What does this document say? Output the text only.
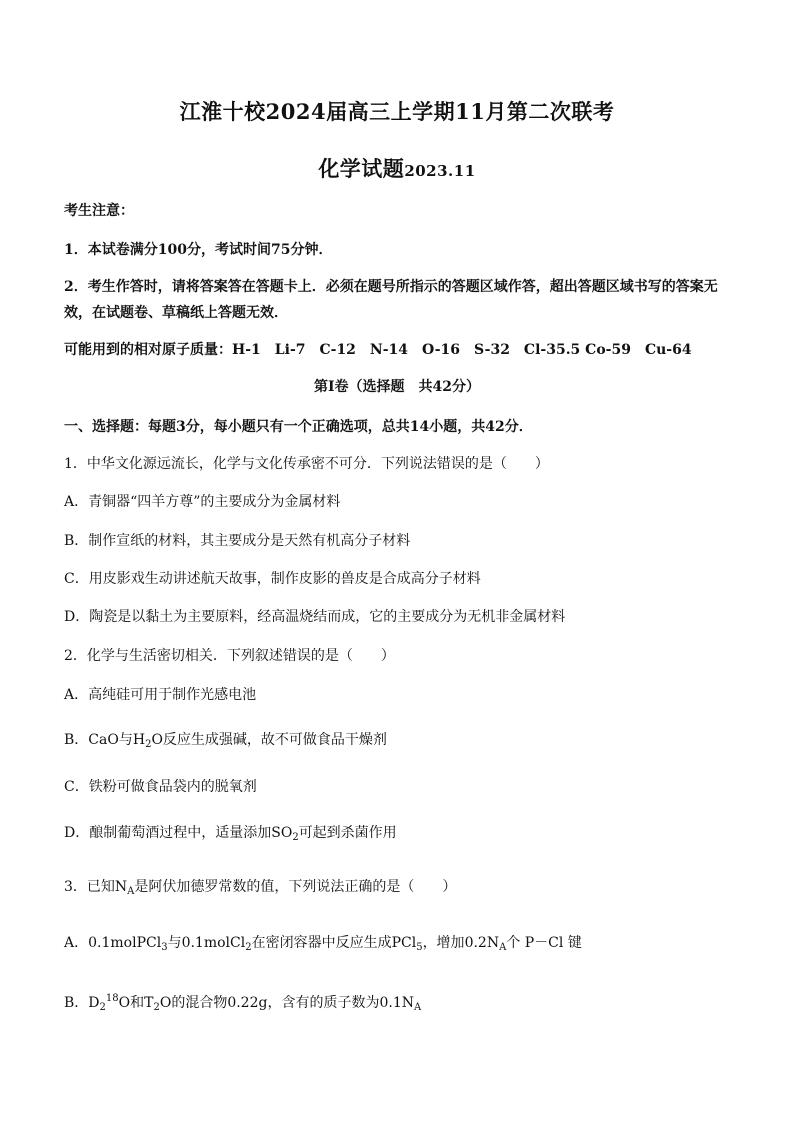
江淮十校2024届高三上学期11月第二次联考
化学试题2023.11
考生注意：
1．本试卷满分100分，考试时间75分钟．
2．考生作答时，请将答案答在答题卡上．必须在题号所指示的答题区域作答，超出答题区域书写的答案无效，在试题卷、草稿纸上答题无效．
可能用到的相对原子质量：H-1　Li-7　C-12　N-14　O-16　S-32　Cl-35.5 Co-59　Cu-64
第Ⅰ卷（选择题　共42分）
一、选择题：每题3分，每小题只有一个正确选项，总共14小题，共42分．
1．中华文化源远流长，化学与文化传承密不可分．下列说法错误的是（　　）
A．青铜器“四羊方尊”的主要成分为金属材料
B．制作宣纸的材料，其主要成分是天然有机高分子材料
C．用皮影戏生动讲述航天故事，制作皮影的兽皮是合成高分子材料
D．陶瓷是以黏土为主要原料，经高温烧结而成，它的主要成分为无机非金属材料
2．化学与生活密切相关．下列叙述错误的是（　　）
A．高纯硅可用于制作光感电池
B．CaO与$H_2O$反应生成强碱，故不可做食品干燥剂
C．铁粉可做食品袋内的脱氧剂
D．酿制葡萄酒过程中，适量添加$SO_2$可起到杀菌作用
3．已知$N_A$是阿伏加德罗常数的值，下列说法正确的是（　　）
A．0.1molPCl$_3$与0.1molCl$_2$在密闭容器中反应生成PCl$_5$，增加$0.2N_A$个 P－Cl 键
B．$D_2^{18}O$和$T_2O$的混合物0.22g，含有的质子数为$0.1N_A$
